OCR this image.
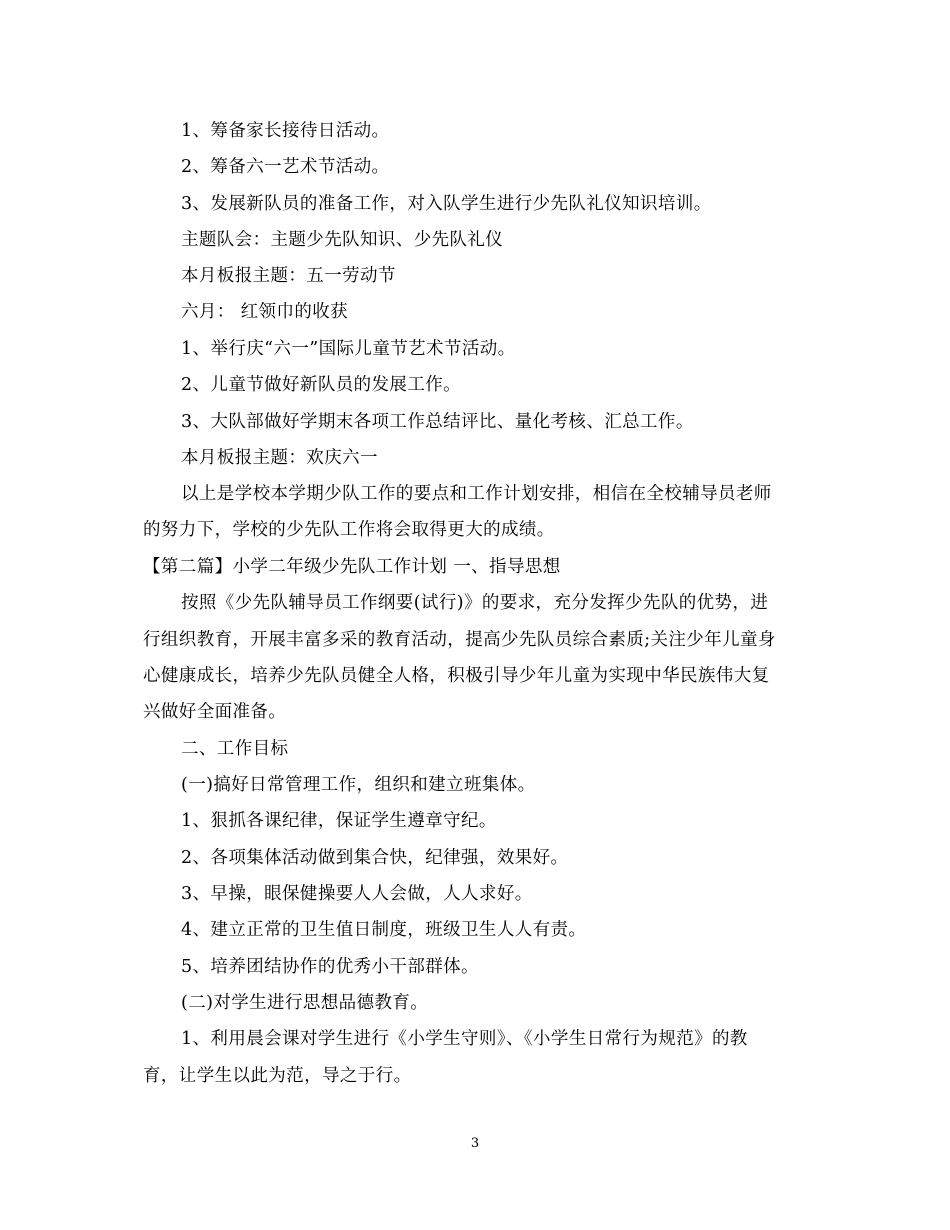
1、筹备家长接待日活动。
2、筹备六一艺术节活动。
3、发展新队员的准备工作，对入队学生进行少先队礼仪知识培训。
主题队会：主题少先队知识、少先队礼仪
本月板报主题：五一劳动节
六月： 红领巾的收获
1、举行庆“六一”国际儿童节艺术节活动。
2、儿童节做好新队员的发展工作。
3、大队部做好学期末各项工作总结评比、量化考核、汇总工作。
本月板报主题：欢庆六一
以上是学校本学期少队工作的要点和工作计划安排，相信在全校辅导员老师
的努力下，学校的少先队工作将会取得更大的成绩。
【第二篇】小学二年级少先队工作计划 一、指导思想
按照《少先队辅导员工作纲要(试行)》的要求，充分发挥少先队的优势，进
行组织教育，开展丰富多采的教育活动，提高少先队员综合素质;关注少年儿童身
心健康成长，培养少先队员健全人格，积极引导少年儿童为实现中华民族伟大复
兴做好全面准备。
二、工作目标
(一)搞好日常管理工作，组织和建立班集体。
1、狠抓各课纪律，保证学生遵章守纪。
2、各项集体活动做到集合快，纪律强，效果好。
3、早操，眼保健操要人人会做，人人求好。
4、建立正常的卫生值日制度，班级卫生人人有责。
5、培养团结协作的优秀小干部群体。
(二)对学生进行思想品德教育。
1、利用晨会课对学生进行《小学生守则》、《小学生日常行为规范》的教
育，让学生以此为范，导之于行。
3
